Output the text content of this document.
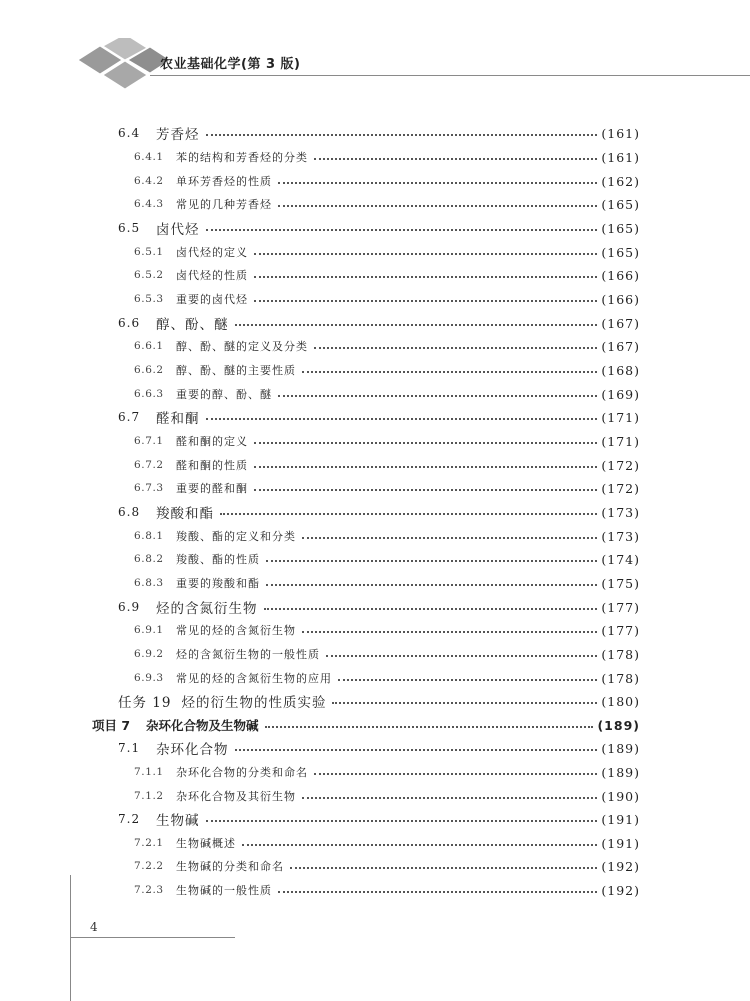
农业基础化学(第 3 版)
6.4	芳香烃	(161)
6.4.1	苯的结构和芳香烃的分类	(161)
6.4.2	单环芳香烃的性质	(162)
6.4.3	常见的几种芳香烃	(165)
6.5	卤代烃	(165)
6.5.1	卤代烃的定义	(165)
6.5.2	卤代烃的性质	(166)
6.5.3	重要的卤代烃	(166)
6.6	醇、酚、醚	(167)
6.6.1	醇、酚、醚的定义及分类	(167)
6.6.2	醇、酚、醚的主要性质	(168)
6.6.3	重要的醇、酚、醚	(169)
6.7	醛和酮	(171)
6.7.1	醛和酮的定义	(171)
6.7.2	醛和酮的性质	(172)
6.7.3	重要的醛和酮	(172)
6.8	羧酸和酯	(173)
6.8.1	羧酸、酯的定义和分类	(173)
6.8.2	羧酸、酯的性质	(174)
6.8.3	重要的羧酸和酯	(175)
6.9	烃的含氮衍生物	(177)
6.9.1	常见的烃的含氮衍生物	(177)
6.9.2	烃的含氮衍生物的一般性质	(178)
6.9.3	常见的烃的含氮衍生物的应用	(178)
任务 19 烃的衍生物的性质实验	(180)
项目 7	杂环化合物及生物碱	(189)
7.1	杂环化合物	(189)
7.1.1	杂环化合物的分类和命名	(189)
7.1.2	杂环化合物及其衍生物	(190)
7.2	生物碱	(191)
7.2.1	生物碱概述	(191)
7.2.2	生物碱的分类和命名	(192)
7.2.3	生物碱的一般性质	(192)
4
